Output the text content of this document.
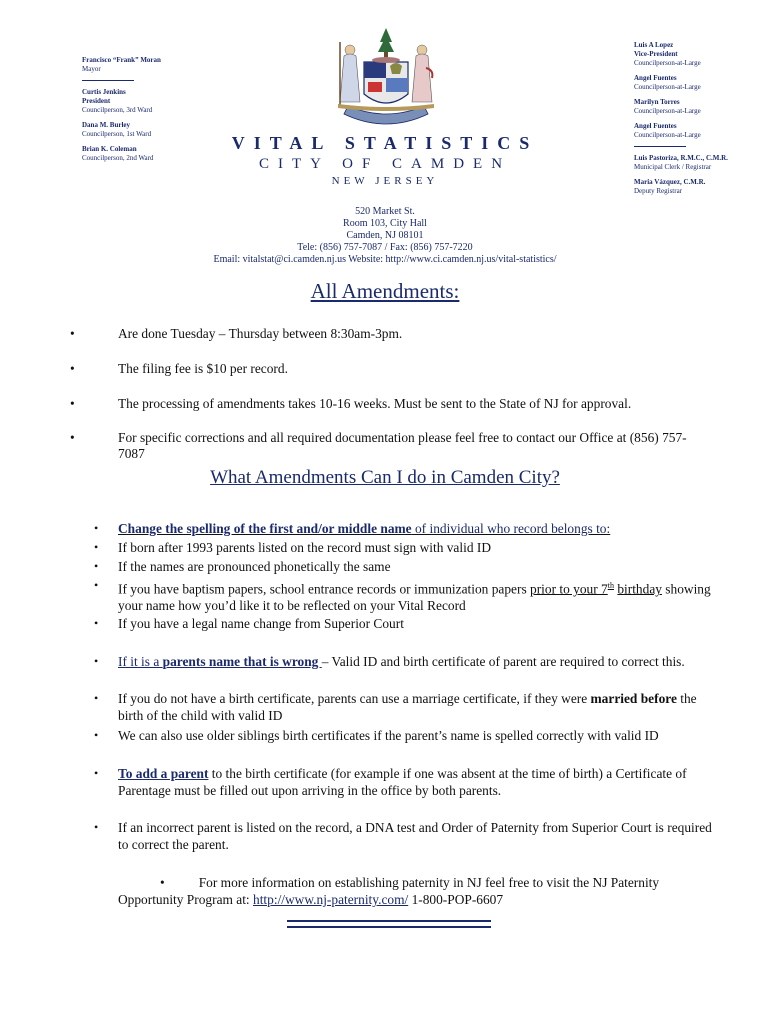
Francisco “Frank” Moran
Mayor
Curtis Jenkins
President
Councilperson, 3rd Ward
Dana M. Burley
Councilperson, 1st Ward
Brian K. Coleman
Councilperson, 2nd Ward
Luis A Lopez
Vice-President
Councilperson-at-Large
Angel Fuentes
Councilperson-at-Large
Marilyn Torres
Councilperson-at-Large
Angel Fuentes
Councilperson-at-Large
Luis Pastoriza, R.M.C., C.M.R.
Municipal Clerk / Registrar
Maria Vázquez, C.M.R.
Deputy Registrar
VITAL STATISTICS
CITY OF CAMDEN
NEW JERSEY
520 Market St.
Room 103, City Hall
Camden, NJ 08101
Tele: (856) 757-7087 / Fax: (856) 757-7220
Email: vitalstat@ci.camden.nj.us Website: http://www.ci.camden.nj.us/vital-statistics/
All Amendments:
•	Are done Tuesday – Thursday between 8:30am-3pm.
•	The filing fee is $10 per record.
•	The processing of amendments takes 10-16 weeks. Must be sent to the State of NJ for approval.
•	For specific corrections and all required documentation please feel free to contact our Office at (856) 757-7087
What Amendments Can I do in Camden City?
• Change the spelling of the first and/or middle name of individual who record belongs to:
• If born after 1993 parents listed on the record must sign with valid ID
• If the names are pronounced phonetically the same
• If you have baptism papers, school entrance records or immunization papers prior to your 7th birthday showing your name how you’d like it to be reflected on your Vital Record
• If you have a legal name change from Superior Court
• If it is a parents name that is wrong – Valid ID and birth certificate of parent are required to correct this.
• If you do not have a birth certificate, parents can use a marriage certificate, if they were married before the birth of the child with valid ID
• We can also use older siblings birth certificates if the parent’s name is spelled correctly with valid ID
• To add a parent to the birth certificate (for example if one was absent at the time of birth) a Certificate of Parentage must be filled out upon arriving in the office by both parents.
• If an incorrect parent is listed on the record, a DNA test and Order of Paternity from Superior Court is required to correct the parent.
•	For more information on establishing paternity in NJ feel free to visit the NJ Paternity Opportunity Program at: http://www.nj-paternity.com/ 1-800-POP-6607
